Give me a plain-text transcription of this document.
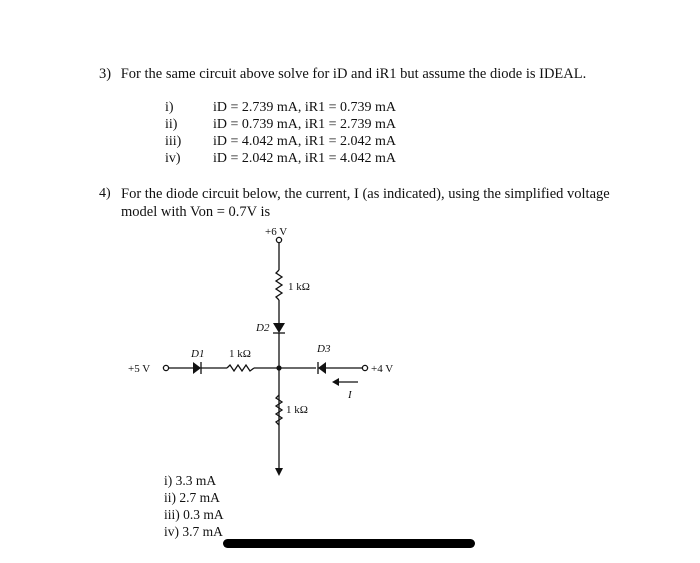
3) For the same circuit above solve for iD and iR1 but assume the diode is IDEAL.
i)	iD = 2.739 mA, iR1 = 0.739 mA
ii)	iD = 0.739 mA, iR1 = 2.739 mA
iii) iD = 4.042 mA, iR1 = 2.042 mA
iv) iD = 2.042 mA, iR1 = 4.042 mA
4) For the diode circuit below, the current, I (as indicated), using the simplified voltage
model with Von = 0.7V is
+6 V
1 kΩ
D2
+5 V
D1 1 kΩ	D3
+4 V
I
1 kΩ
i) 3.3 mA
ii) 2.7 mA
iii) 0.3 mA
iv) 3.7 mA
